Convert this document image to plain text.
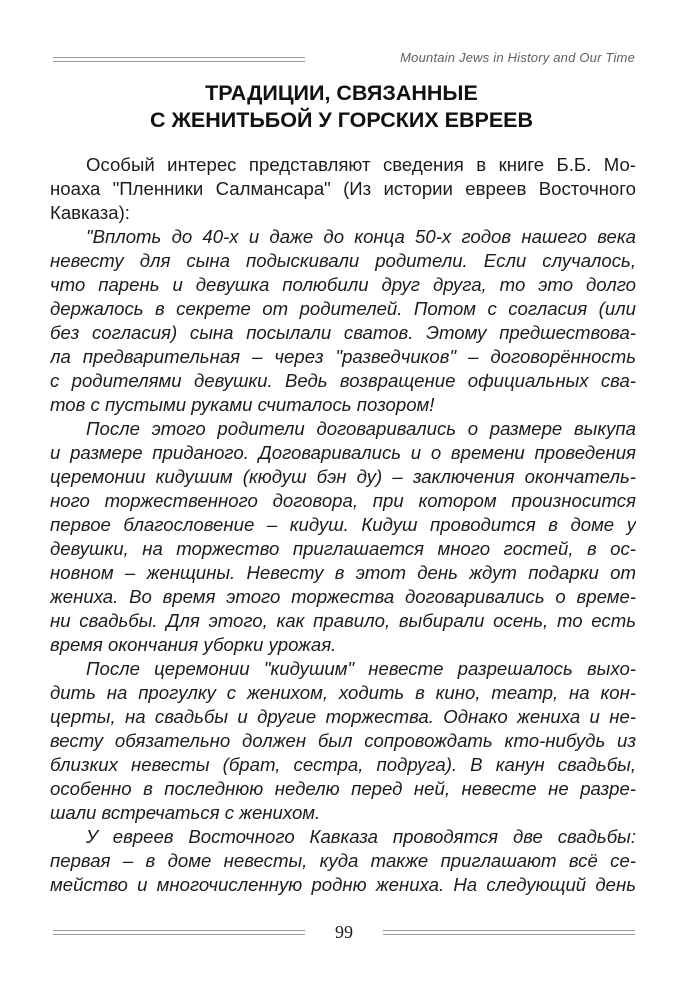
Mountain Jews in History and Our Time
ТРАДИЦИИ, СВЯЗАННЫЕ
С ЖЕНИТЬБОЙ У ГОРСКИХ ЕВРЕЕВ
Особый интерес представляют сведения в книге Б.Б. Мо-
ноаха "Пленники Салмансара" (Из истории евреев Восточного
Кавказа):
"Вплоть до 40-х и даже до конца 50-х годов нашего века
невесту для сына подыскивали родители. Если случалось,
что парень и девушка полюбили друг друга, то это долго
держалось в секрете от родителей. Потом с согласия (или
без согласия) сына посылали сватов. Этому предшествова-
ла предварительная – через "разведчиков" – договорённость
с родителями девушки. Ведь возвращение официальных сва-
тов с пустыми руками считалось позором!
После этого родители договаривались о размере выкупа
и размере приданого. Договаривались и о времени проведения
церемонии кидушим (кюдуш бэн ду) – заключения окончатель-
ного торжественного договора, при котором произносится
первое благословение – кидуш. Кидуш проводится в доме у
девушки, на торжество приглашается много гостей, в ос-
новном – женщины. Невесту в этот день ждут подарки от
жениха. Во время этого торжества договаривались о време-
ни свадьбы. Для этого, как правило, выбирали осень, то есть
время окончания уборки урожая.
После церемонии "кидушим" невесте разрешалось выхо-
дить на прогулку с женихом, ходить в кино, театр, на кон-
церты, на свадьбы и другие торжества. Однако жениха и не-
весту обязательно должен был сопровождать кто-нибудь из
близких невесты (брат, сестра, подруга). В канун свадьбы,
особенно в последнюю неделю перед ней, невесте не разре-
шали встречаться с женихом.
У евреев Восточного Кавказа проводятся две свадьбы:
первая – в доме невесты, куда также приглашают всё се-
мейство и многочисленную родню жениха. На следующий день
99
